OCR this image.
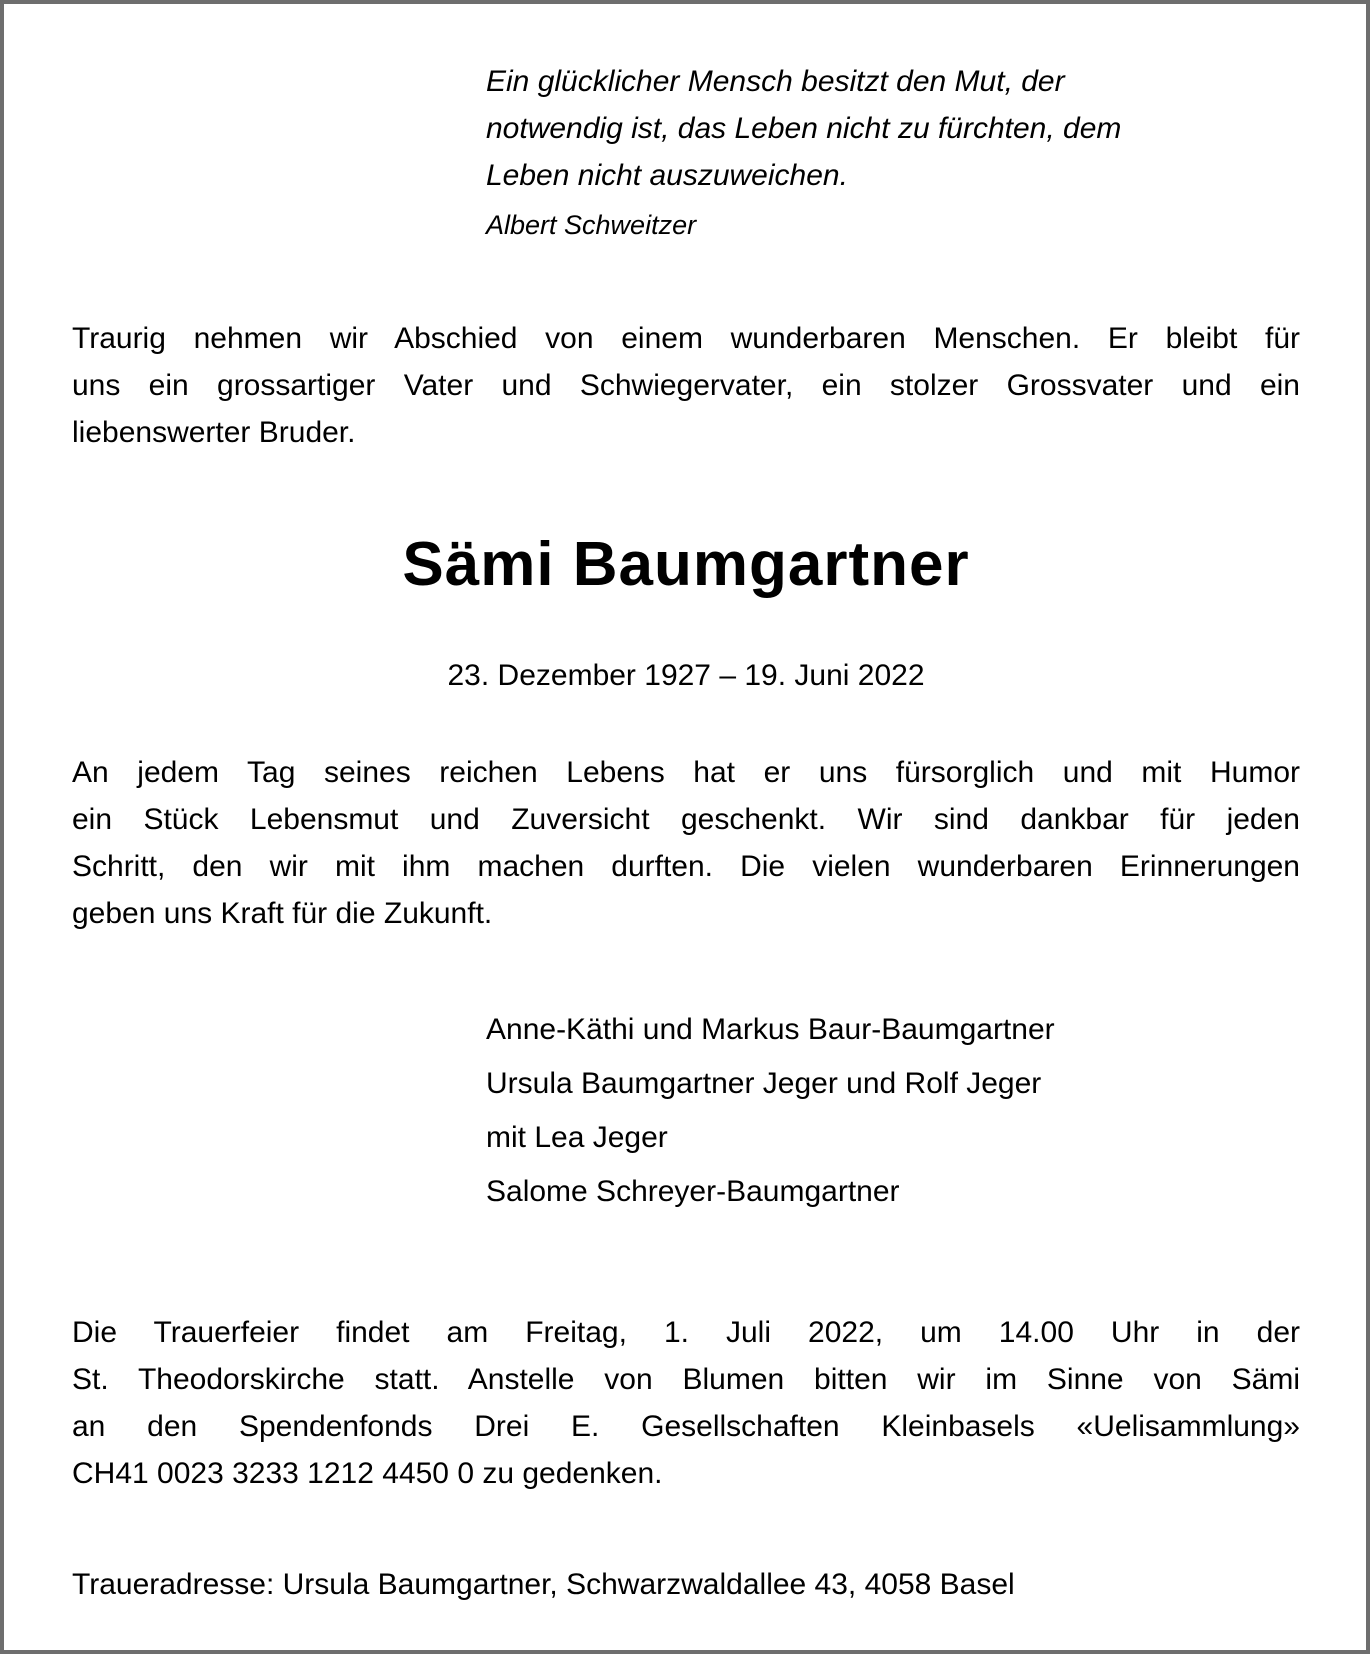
Ein glücklicher Mensch besitzt den Mut, der
notwendig ist, das Leben nicht zu fürchten, dem
Leben nicht auszuweichen.
Albert Schweitzer
Traurig nehmen wir Abschied von einem wunderbaren Menschen. Er bleibt für
uns ein grossartiger Vater und Schwiegervater, ein stolzer Grossvater und ein
liebenswerter Bruder.
Sämi Baumgartner
23. Dezember 1927 – 19. Juni 2022
An jedem Tag seines reichen Lebens hat er uns fürsorglich und mit Humor
ein Stück Lebensmut und Zuversicht geschenkt. Wir sind dankbar für jeden
Schritt, den wir mit ihm machen durften. Die vielen wunderbaren Erinnerungen
geben uns Kraft für die Zukunft.
Anne-Käthi und Markus Baur-Baumgartner
Ursula Baumgartner Jeger und Rolf Jeger
mit Lea Jeger
Salome Schreyer-Baumgartner
Die Trauerfeier findet am Freitag, 1. Juli 2022, um 14.00 Uhr in der
St. Theodorskirche statt. Anstelle von Blumen bitten wir im Sinne von Sämi
an den Spendenfonds Drei E. Gesellschaften Kleinbasels «Uelisammlung»
CH41 0023 3233 1212 4450 0 zu gedenken.
Traueradresse: Ursula Baumgartner, Schwarzwaldallee 43, 4058 Basel
